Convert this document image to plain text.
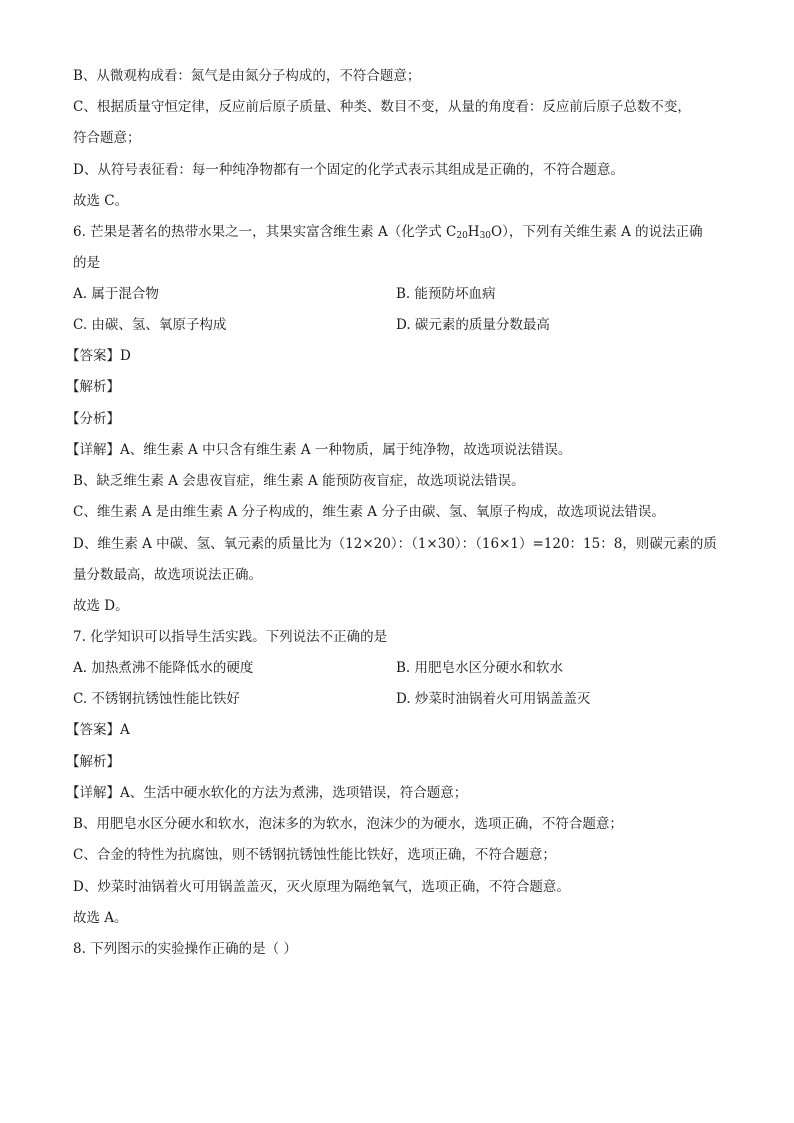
B、从微观构成看：氮气是由氮分子构成的，不符合题意；
C、根据质量守恒定律，反应前后原子质量、种类、数目不变，从量的角度看：反应前后原子总数不变，
符合题意；
D、从符号表征看：每一种纯净物都有一个固定的化学式表示其组成是正确的，不符合题意。
故选 C。
6. 芒果是著名的热带水果之一，其果实富含维生素 A（化学式 $C_{20}H_{30}O$），下列有关维生素 A 的说法正确
的是
A. 属于混合物	B. 能预防坏血病
C. 由碳、氢、氧原子构成	D. 碳元素的质量分数最高
【答案】D
【解析】
【分析】
【详解】A、维生素 A 中只含有维生素 A 一种物质，属于纯净物，故选项说法错误。
B、缺乏维生素 A 会患夜盲症，维生素 A 能预防夜盲症，故选项说法错误。
C、维生素 A 是由维生素 A 分子构成的，维生素 A 分子由碳、氢、氧原子构成，故选项说法错误。
D、维生素 A 中碳、氢、氧元素的质量比为（12×20）：（1×30）：（16×1）=120：15：8，则碳元素的质
量分数最高，故选项说法正确。
故选 D。
7. 化学知识可以指导生活实践。下列说法不正确的是
A. 加热煮沸不能降低水的硬度	B. 用肥皂水区分硬水和软水
C. 不锈钢抗锈蚀性能比铁好	D. 炒菜时油锅着火可用锅盖盖灭
【答案】A
【解析】
【详解】A、生活中硬水软化的方法为煮沸，选项错误，符合题意；
B、用肥皂水区分硬水和软水，泡沫多的为软水，泡沫少的为硬水，选项正确，不符合题意；
C、合金的特性为抗腐蚀，则不锈钢抗锈蚀性能比铁好，选项正确，不符合题意；
D、炒菜时油锅着火可用锅盖盖灭，灭火原理为隔绝氧气，选项正确，不符合题意。
故选 A。
8. 下列图示的实验操作正确的是（ ）
